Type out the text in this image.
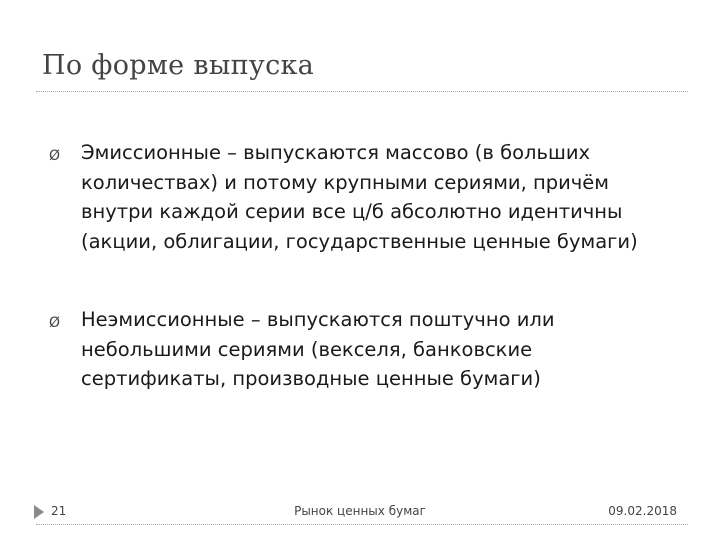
По форме выпуска
Ø Эмиссионные – выпускаются массово (в больших количествах) и потому крупными сериями, причём внутри каждой серии все ц/б абсолютно идентичны (акции, облигации, государственные ценные бумаги)
Ø Неэмиссионные – выпускаются поштучно или небольшими сериями (векселя, банковские сертификаты, производные ценные бумаги)
21	Рынок ценных бумаг	09.02.2018
